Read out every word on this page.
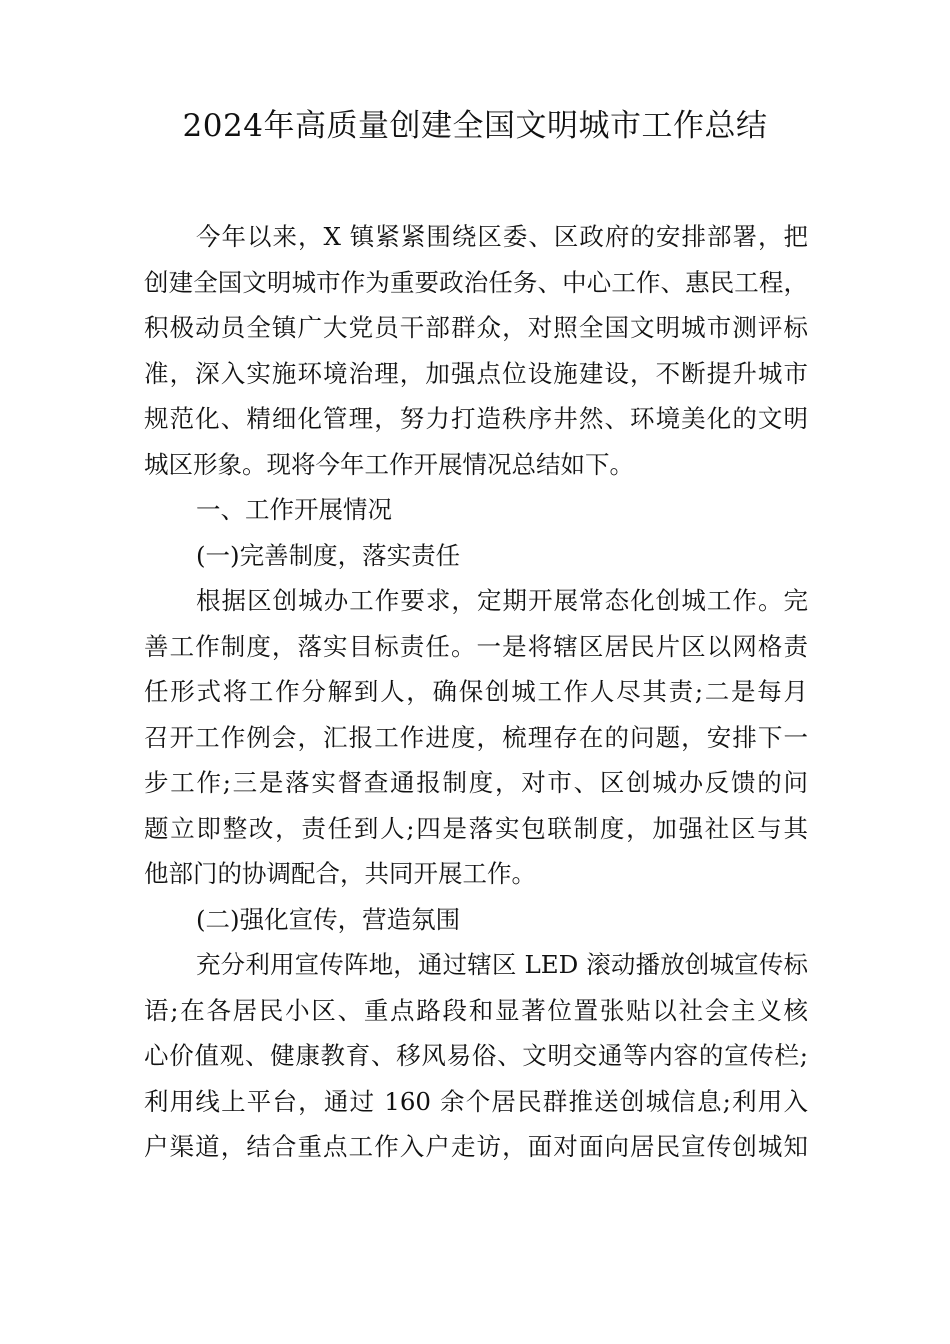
2024年高质量创建全国文明城市工作总结
今年以来，X 镇紧紧围绕区委、区政府的安排部署，把
创建全国文明城市作为重要政治任务、中心工作、惠民工程，
积极动员全镇广大党员干部群众，对照全国文明城市测评标
准，深入实施环境治理，加强点位设施建设，不断提升城市
规范化、精细化管理，努力打造秩序井然、环境美化的文明
城区形象。现将今年工作开展情况总结如下。
一、工作开展情况
(一)完善制度，落实责任
根据区创城办工作要求，定期开展常态化创城工作。完
善工作制度，落实目标责任。一是将辖区居民片区以网格责
任形式将工作分解到人，确保创城工作人尽其责;二是每月
召开工作例会，汇报工作进度，梳理存在的问题，安排下一
步工作;三是落实督查通报制度，对市、区创城办反馈的问
题立即整改，责任到人;四是落实包联制度，加强社区与其
他部门的协调配合，共同开展工作。
(二)强化宣传，营造氛围
充分利用宣传阵地，通过辖区 LED 滚动播放创城宣传标
语;在各居民小区、重点路段和显著位置张贴以社会主义核
心价值观、健康教育、移风易俗、文明交通等内容的宣传栏;
利用线上平台，通过 160 余个居民群推送创城信息;利用入
户渠道，结合重点工作入户走访，面对面向居民宣传创城知
